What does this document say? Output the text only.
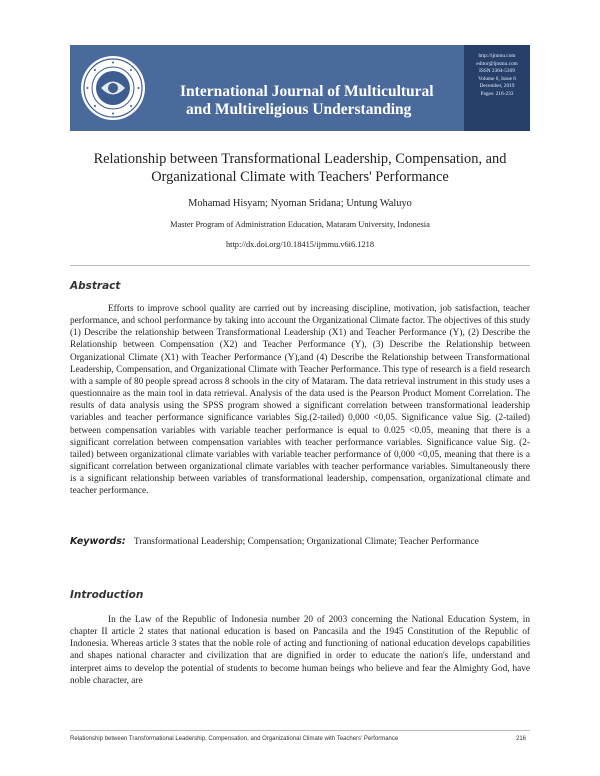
International Journal of Multicultural
and Multireligious Understanding
http://ijmmu.com
editor@ijmmu.com
ISSN 2364-5369
Volume 6, Issue 6
December, 2019
Pages: 216-233
Relationship between Transformational Leadership, Compensation, and
Organizational Climate with Teachers' Performance
Mohamad Hisyam; Nyoman Sridana; Untung Waluyo
Master Program of Administration Education, Mataram University, Indonesia
http://dx.doi.org/10.18415/ijmmu.v6i6.1218
Abstract
Efforts to improve school quality are carried out by increasing discipline, motivation, job satisfaction, teacher performance, and school performance by taking into account the Organizational Climate factor. The objectives of this study (1) Describe the relationship between Transformational Leadership (X1) and Teacher Performance (Y), (2) Describe the Relationship between Compensation (X2) and Teacher Performance (Y), (3) Describe the Relationship between Organizational Climate (X1) with Teacher Performance (Y),and (4) Describe the Relationship between Transformational Leadership, Compensation, and Organizational Climate with Teacher Performance. This type of research is a field research with a sample of 80 people spread across 8 schools in the city of Mataram. The data retrieval instrument in this study uses a questionnaire as the main tool in data retrieval. Analysis of the data used is the Pearson Product Moment Correlation. The results of data analysis using the SPSS program showed a significant correlation between transformational leadership variables and teacher performance significance variables Sig.(2-tailed) 0,000 <0,05. Significance value Sig. (2-tailed) between compensation variables with variable teacher performance is equal to 0.025 <0.05, meaning that there is a significant correlation between compensation variables with teacher performance variables. Significance value Sig. (2-tailed) between organizational climate variables with variable teacher performance of 0,000 <0,05, meaning that there is a significant correlation between organizational climate variables with teacher performance variables. Simultaneously there is a significant relationship between variables of transformational leadership, compensation, organizational climate and teacher performance.
Keywords: Transformational Leadership; Compensation; Organizational Climate; Teacher Performance
Introduction
In the Law of the Republic of Indonesia number 20 of 2003 concerning the National Education System, in chapter II article 2 states that national education is based on Pancasila and the 1945 Constitution of the Republic of Indonesia. Whereas article 3 states that the noble role of acting and functioning of national education develops capabilities and shapes national character and civilization that are dignified in order to educate the nation's life, understand and interpret aims to develop the potential of students to become human beings who believe and fear the Almighty God, have noble character, are
Relationship between Transformational Leadership, Compensation, and Organizational Climate with Teachers' Performance	216
